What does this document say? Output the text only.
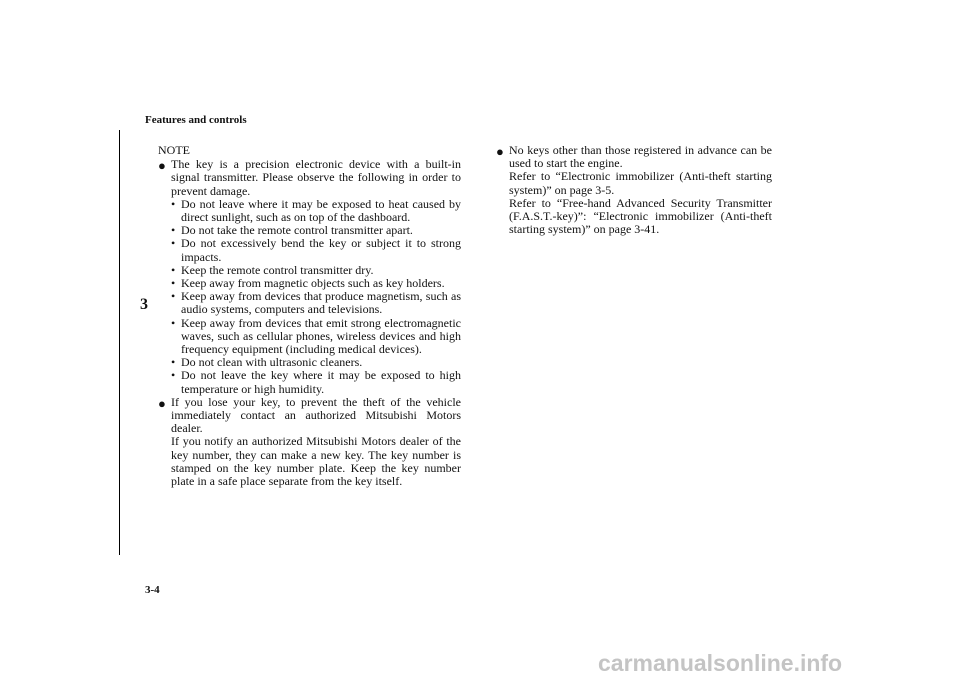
Features and controls
3
NOTE
● The key is a precision electronic device with a built-in signal transmitter. Please observe the following in order to prevent damage.
• Do not leave where it may be exposed to heat caused by direct sunlight, such as on top of the dashboard.
• Do not take the remote control transmitter apart.
• Do not excessively bend the key or subject it to strong impacts.
• Keep the remote control transmitter dry.
• Keep away from magnetic objects such as key holders.
• Keep away from devices that produce magnetism, such as audio systems, computers and televisions.
• Keep away from devices that emit strong electromagnetic waves, such as cellular phones, wireless devices and high frequency equipment (including medical devices).
• Do not clean with ultrasonic cleaners.
• Do not leave the key where it may be exposed to high temperature or high humidity.
● If you lose your key, to prevent the theft of the vehicle immediately contact an authorized Mitsubishi Motors dealer.
If you notify an authorized Mitsubishi Motors dealer of the key number, they can make a new key. The key number is stamped on the key number plate. Keep the key number plate in a safe place separate from the key itself.
● No keys other than those registered in advance can be used to start the engine.
Refer to “Electronic immobilizer (Anti-theft starting system)” on page 3-5.
Refer to “Free-hand Advanced Security Transmitter (F.A.S.T.-key)”: “Electronic immobilizer (Anti-theft starting system)” on page 3-41.
3-4
carmanualsonline.info
